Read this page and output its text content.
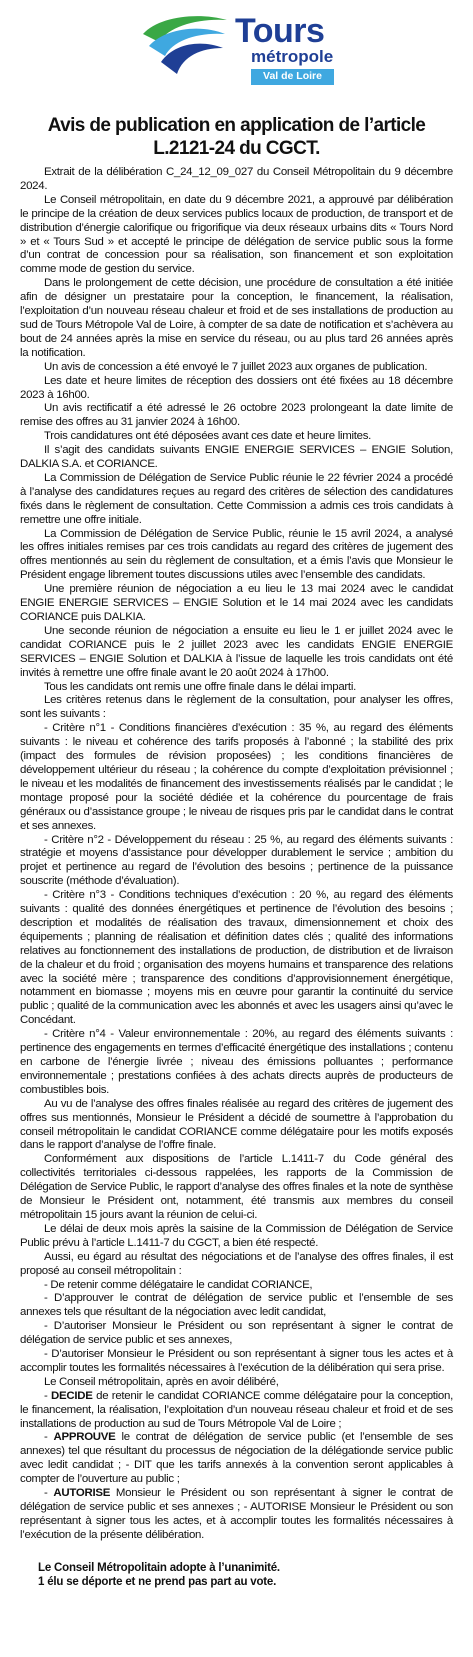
Tours
métropole
Val de Loire
Avis de publication en application de l’article L.2121-24 du CGCT.

Extrait de la délibération C_24_12_09_027 du Conseil Métropolitain du 9 décembre 2024.

Le Conseil métropolitain, en date du 9 décembre 2021, a approuvé par délibération le principe de la création de deux services publics locaux de production, de transport et de distribution d’énergie calorifique ou frigorifique via deux réseaux urbains dits « Tours Nord » et « Tours Sud » et accepté le principe de délégation de service public sous la forme d’un contrat de concession pour sa réalisation, son financement et son exploitation comme mode de gestion du service.

Dans le prolongement de cette décision, une procédure de consultation a été initiée afin de désigner un prestataire pour la conception, le financement, la réalisation, l’exploitation d’un nouveau réseau chaleur et froid et de ses installations de production au sud de Tours Métropole Val de Loire, à compter de sa date de notification et s’achèvera au bout de 24 années après la mise en service du réseau, ou au plus tard 26 années après la notification.

Un avis de concession a été envoyé le 7 juillet 2023 aux organes de publication.

Les date et heure limites de réception des dossiers ont été fixées au 18 décembre 2023 à 16h00.

Un avis rectificatif a été adressé le 26 octobre 2023 prolongeant la date limite de remise des offres au 31 janvier 2024 à 16h00.

Trois candidatures ont été déposées avant ces date et heure limites.

Il s’agit des candidats suivants ENGIE ENERGIE SERVICES – ENGIE Solution, DALKIA S.A. et CORIANCE.

La Commission de Délégation de Service Public réunie le 22 février 2024 a procédé à l’analyse des candidatures reçues au regard des critères de sélection des candidatures fixés dans le règlement de consultation. Cette Commission a admis ces trois candidats à remettre une offre initiale.

La Commission de Délégation de Service Public, réunie le 15 avril 2024, a analysé les offres initiales remises par ces trois candidats au regard des critères de jugement des offres mentionnés au sein du règlement de consultation, et a émis l’avis que Monsieur le Président engage librement toutes discussions utiles avec l’ensemble des candidats.

Une première réunion de négociation a eu lieu le 13 mai 2024 avec le candidat ENGIE ENERGIE SERVICES – ENGIE Solution et le 14 mai 2024 avec les candidats CORIANCE puis DALKIA.

Une seconde réunion de négociation a ensuite eu lieu le 1 er juillet 2024 avec le candidat CORIANCE puis le 2 juillet 2023 avec les candidats ENGIE ENERGIE SERVICES – ENGIE Solution et DALKIA à l’issue de laquelle les trois candidats ont été invités à remettre une offre finale avant le 20 août 2024 à 17h00.

Tous les candidats ont remis une offre finale dans le délai imparti.

Les critères retenus dans le règlement de la consultation, pour analyser les offres, sont les suivants :

- Critère n°1 - Conditions financières d’exécution : 35 %, au regard des éléments suivants : le niveau et cohérence des tarifs proposés à l’abonné ; la stabilité des prix (impact des formules de révision proposées) ; les conditions financières de développement ultérieur du réseau ; la cohérence du compte d’exploitation prévisionnel ; le niveau et les modalités de financement des investissements réalisés par le candidat ; le montage proposé pour la société dédiée et la cohérence du pourcentage de frais généraux ou d’assistance groupe ; le niveau de risques pris par le candidat dans le contrat et ses annexes.

- Critère n°2 - Développement du réseau : 25 %, au regard des éléments suivants : stratégie et moyens d’assistance pour développer durablement le service ; ambition du projet et pertinence au regard de l’évolution des besoins ; pertinence de la puissance souscrite (méthode d’évaluation).

- Critère n°3 - Conditions techniques d’exécution : 20 %, au regard des éléments suivants : qualité des données énergétiques et pertinence de l’évolution des besoins ; description et modalités de réalisation des travaux, dimensionnement et choix des équipements ; planning de réalisation et définition dates clés ; qualité des informations relatives au fonctionnement des installations de production, de distribution et de livraison de la chaleur et du froid ; organisation des moyens humains et transparence des relations avec la société mère ; transparence des conditions d’approvisionnement énergétique, notamment en biomasse ; moyens mis en œuvre pour garantir la continuité du service public ; qualité de la communication avec les abonnés et avec les usagers ainsi qu’avec le Concédant.

- Critère n°4 - Valeur environnementale : 20%, au regard des éléments suivants : pertinence des engagements en termes d’efficacité énergétique des installations ; contenu en carbone de l’énergie livrée ; niveau des émissions polluantes ; performance environnementale ; prestations confiées à des achats directs auprès de producteurs de combustibles bois.

Au vu de l’analyse des offres finales réalisée au regard des critères de jugement des offres sus mentionnés, Monsieur le Président a décidé de soumettre à l’approbation du conseil métropolitain le candidat CORIANCE comme délégataire pour les motifs exposés dans le rapport d’analyse de l’offre finale.

Conformément aux dispositions de l’article L.1411-7 du Code général des collectivités territoriales ci-dessous rappelées, les rapports de la Commission de Délégation de Service Public, le rapport d’analyse des offres finales et la note de synthèse de Monsieur le Président ont, notamment, été transmis aux membres du conseil métropolitain 15 jours avant la réunion de celui-ci.

Le délai de deux mois après la saisine de la Commission de Délégation de Service Public prévu à l’article L.1411-7 du CGCT, a bien été respecté.

Aussi, eu égard au résultat des négociations et de l’analyse des offres finales, il est proposé au conseil métropolitain :

- De retenir comme délégataire le candidat CORIANCE,

- D’approuver le contrat de délégation de service public et l’ensemble de ses annexes tels que résultant de la négociation avec ledit candidat,

- D’autoriser Monsieur le Président ou son représentant à signer le contrat de délégation de service public et ses annexes,

- D’autoriser Monsieur le Président ou son représentant à signer tous les actes et à accomplir toutes les formalités nécessaires à l’exécution de la délibération qui sera prise.

Le Conseil métropolitain, après en avoir délibéré,

- DECIDE de retenir le candidat CORIANCE comme délégataire pour la conception, le financement, la réalisation, l’exploitation d’un nouveau réseau chaleur et froid et de ses installations de production au sud de Tours Métropole Val de Loire ;

- APPROUVE le contrat de délégation de service public (et l’ensemble de ses annexes) tel que résultant du processus de négociation de la délégationde service public avec ledit candidat ; - DIT que les tarifs annexés à la convention seront applicables à compter de l’ouverture au public ;

- AUTORISE Monsieur le Président ou son représentant à signer le contrat de délégation de service public et ses annexes ; - AUTORISE Monsieur le Président ou son représentant à signer tous les actes, et à accomplir toutes les formalités nécessaires à l’exécution de la présente délibération.

Le Conseil Métropolitain adopte à l’unanimité.
1 élu se déporte et ne prend pas part au vote.
